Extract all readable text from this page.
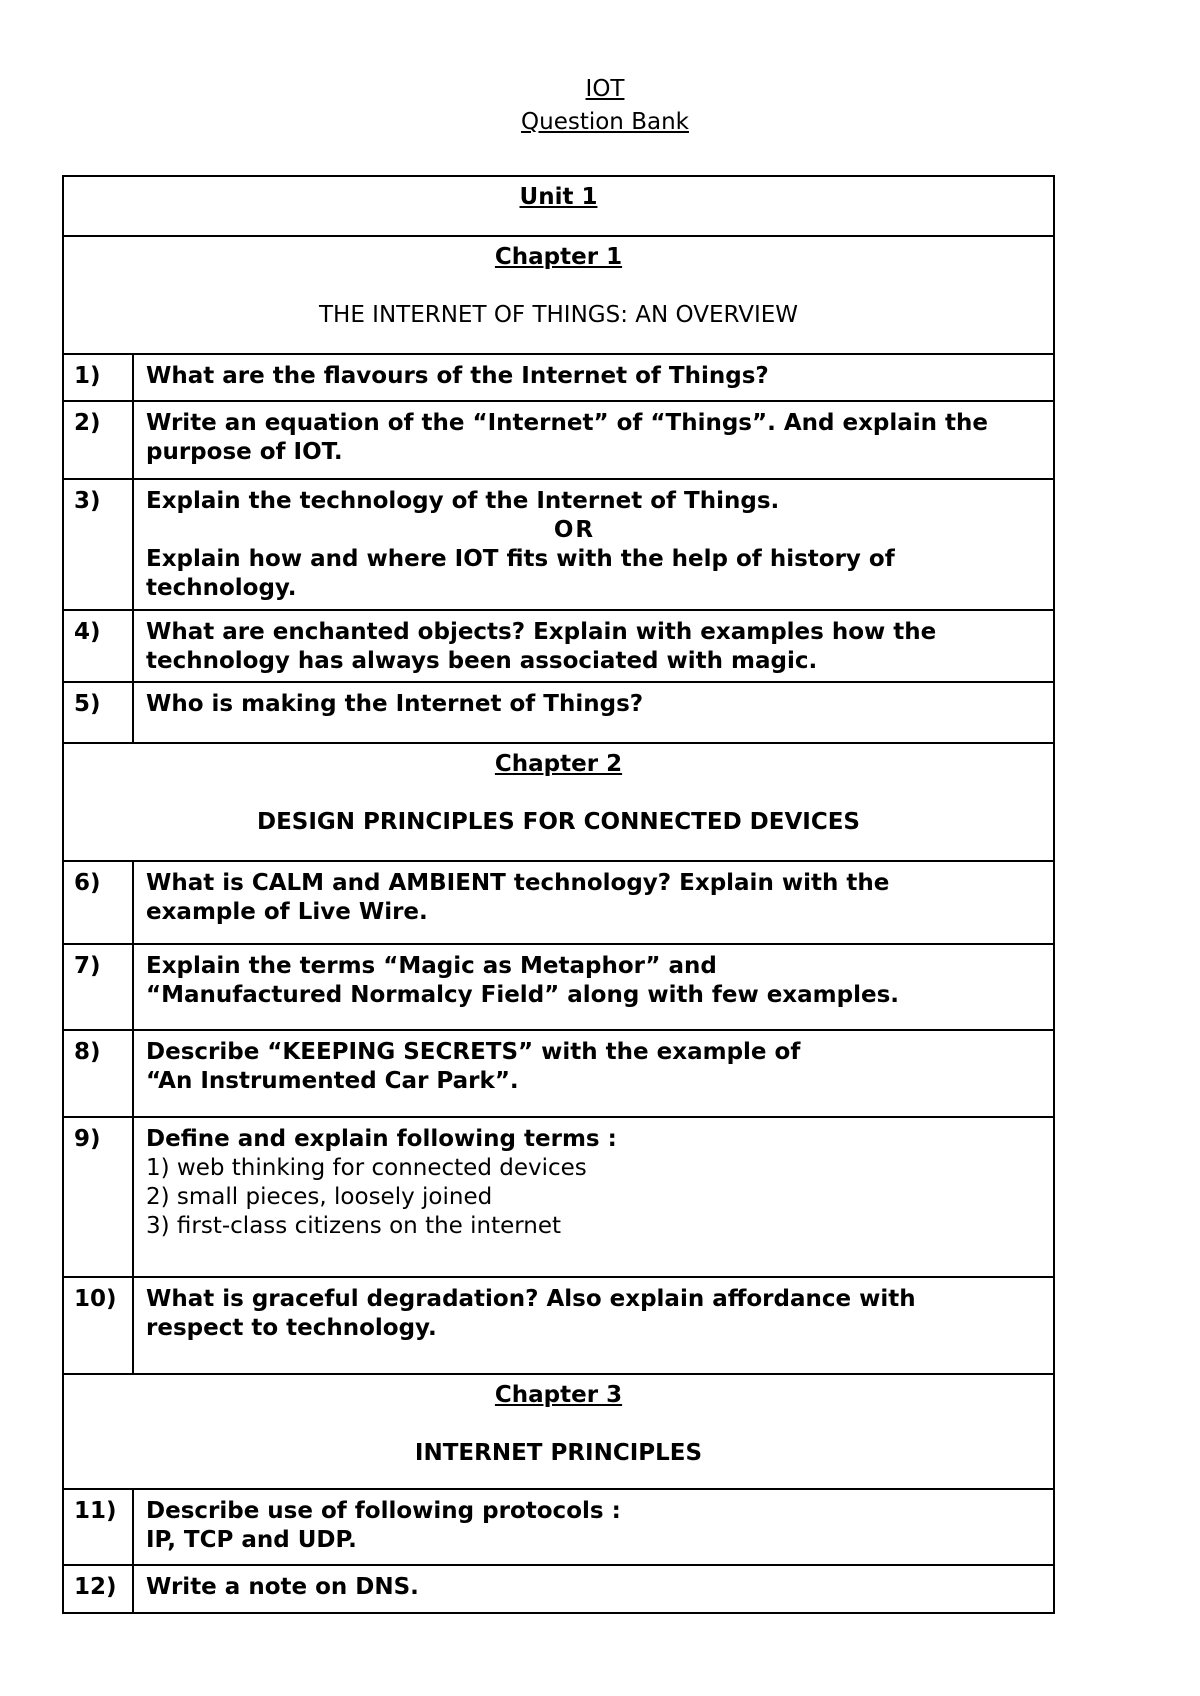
IOT
Question Bank
Unit 1	

Chapter 1
THE INTERNET OF THINGS: AN OVERVIEW	

1)	What are the flavours of the Internet of Things?

2)	Write an equation of the “Internet” of “Things”. And explain the
purpose of IOT.

3)	Explain the technology of the Internet of Things.
OR
Explain how and where IOT fits with the help of history of
technology.

4)	What are enchanted objects? Explain with examples how the
technology has always been associated with magic.

5)	Who is making the Internet of Things?

Chapter 2
DESIGN PRINCIPLES FOR CONNECTED DEVICES	

6)	What is CALM and AMBIENT technology? Explain with the
example of Live Wire.

7)	Explain the terms “Magic as Metaphor” and
“Manufactured Normalcy Field” along with few examples.

8)	Describe “KEEPING SECRETS” with the example of
“An Instrumented Car Park”.

9)	Define and explain following terms :
1) web thinking for connected devices
2) small pieces, loosely joined
3) first-class citizens on the internet

10)	What is graceful degradation? Also explain affordance with
respect to technology.

Chapter 3
INTERNET PRINCIPLES	

11)	Describe use of following protocols :
IP, TCP and UDP.

12)	Write a note on DNS.
